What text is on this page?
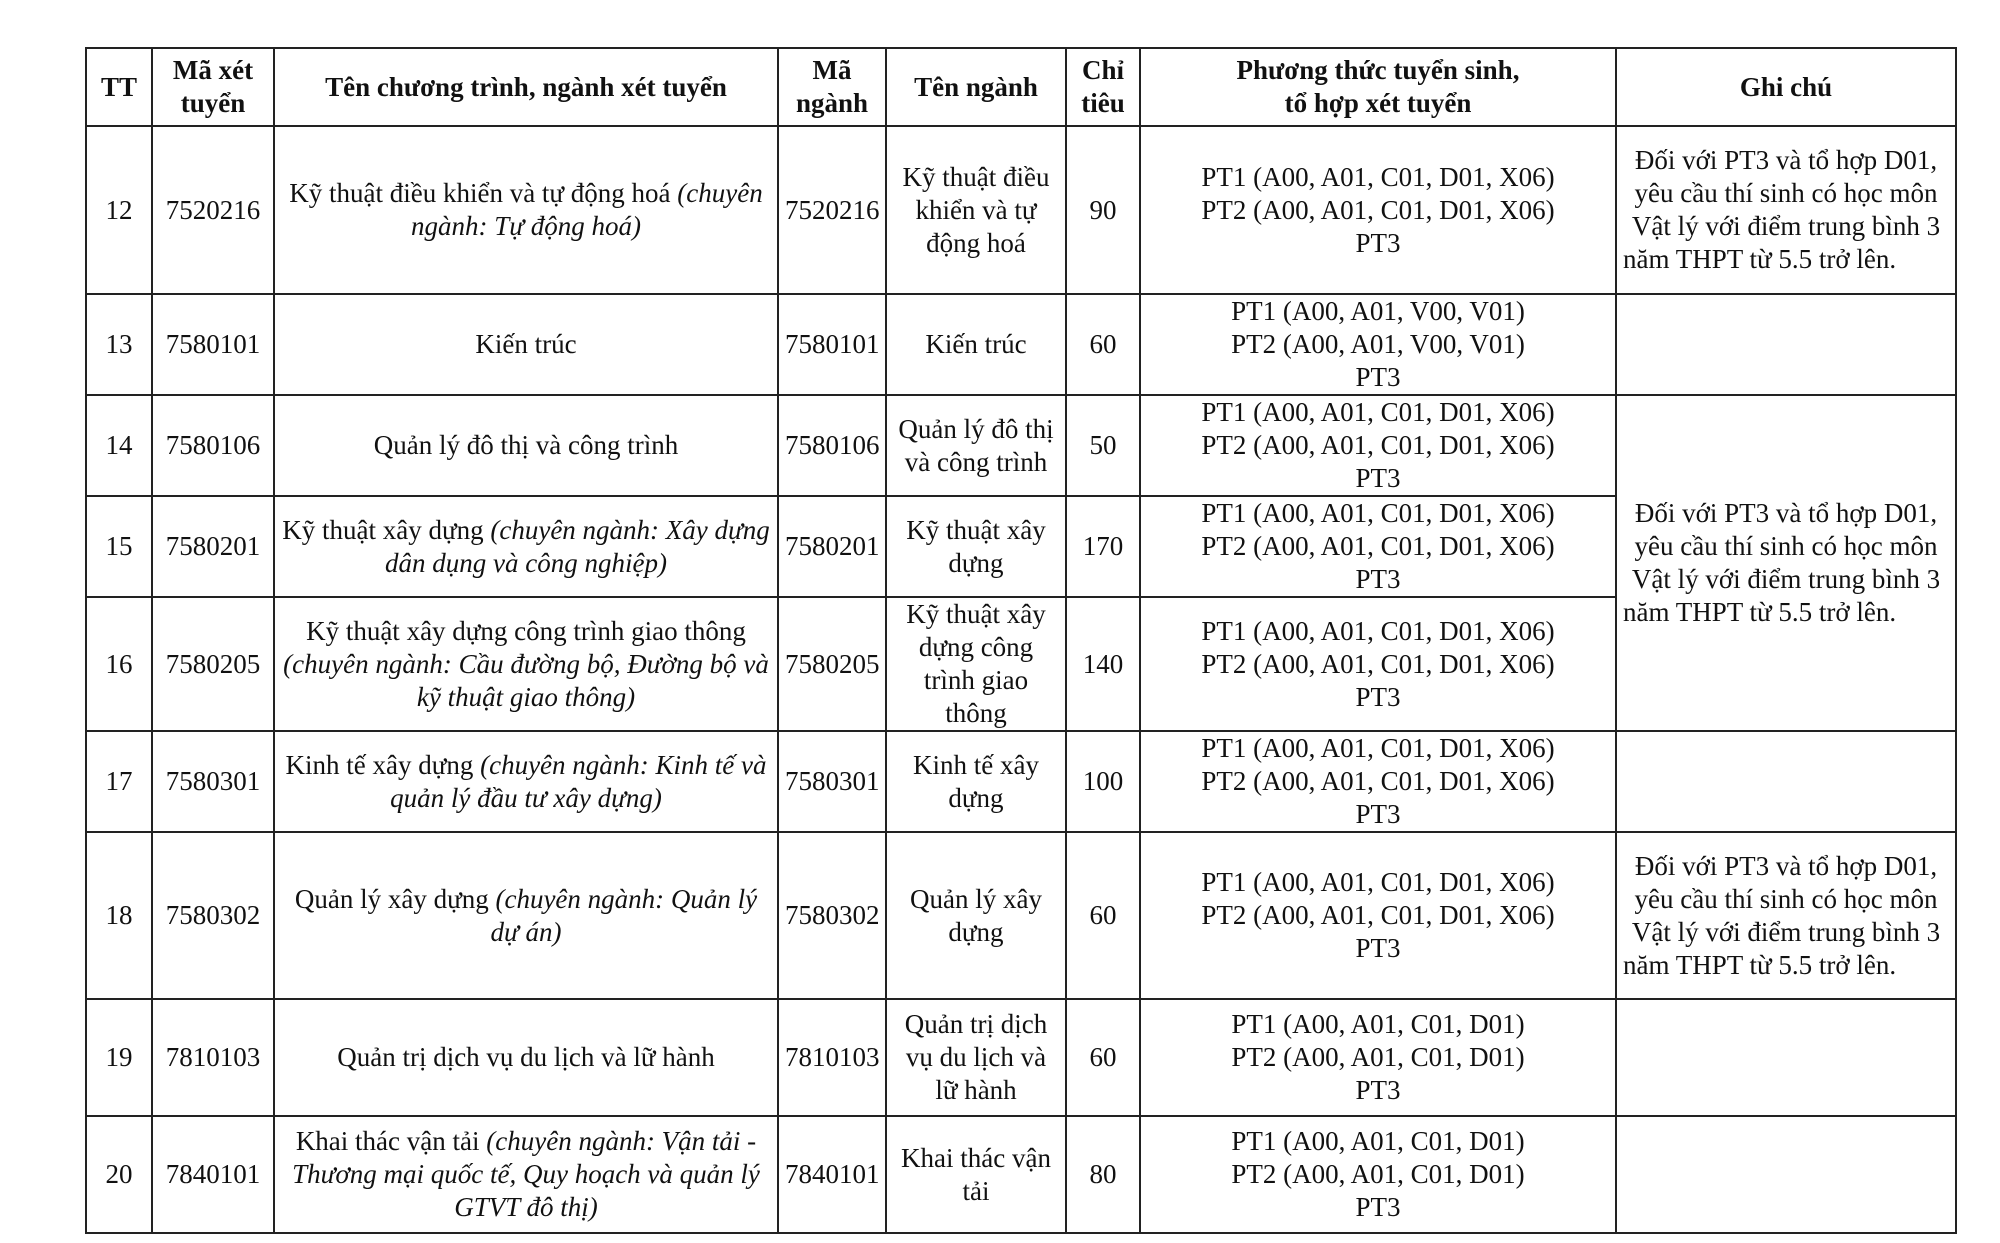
TT	Mã xét tuyển	Tên chương trình, ngành xét tuyển	Mã ngành	Tên ngành	Chỉ tiêu	Phương thức tuyển sinh,
tổ hợp xét tuyển	Ghi chú
12	7520216	Kỹ thuật điều khiển và tự động hoá (chuyên ngành: Tự động hoá)	7520216	Kỹ thuật điều khiển và tự động hoá	90	PT1 (A00, A01, C01, D01, X06)
PT2 (A00, A01, C01, D01, X06)
PT3	Đối với PT3 và tổ hợp D01, yêu cầu thí sinh có học môn Vật lý với điểm trung bình 3 năm THPT từ 5.5 trở lên.
13	7580101	Kiến trúc	7580101	Kiến trúc	60	PT1 (A00, A01, V00, V01)
PT2 (A00, A01, V00, V01)
PT3	

14	7580106	Quản lý đô thị và công trình	7580106	Quản lý đô thị và công trình	50	PT1 (A00, A01, C01, D01, X06)
PT2 (A00, A01, C01, D01, X06)
PT3	Đối với PT3 và tổ hợp D01, yêu cầu thí sinh có học môn Vật lý với điểm trung bình 3 năm THPT từ 5.5 trở lên.
15	7580201	Kỹ thuật xây dựng (chuyên ngành: Xây dựng dân dụng và công nghiệp)	7580201	Kỹ thuật xây dựng	170	PT1 (A00, A01, C01, D01, X06)
PT2 (A00, A01, C01, D01, X06)
PT3	

16	7580205	Kỹ thuật xây dựng công trình giao thông (chuyên ngành: Cầu đường bộ, Đường bộ và kỹ thuật giao thông)	7580205	Kỹ thuật xây dựng công trình giao thông	140	PT1 (A00, A01, C01, D01, X06)
PT2 (A00, A01, C01, D01, X06)
PT3	

17	7580301	Kinh tế xây dựng (chuyên ngành: Kinh tế và quản lý đầu tư xây dựng)	7580301	Kinh tế xây dựng	100	PT1 (A00, A01, C01, D01, X06)
PT2 (A00, A01, C01, D01, X06)
PT3	

18	7580302	Quản lý xây dựng (chuyên ngành: Quản lý dự án)	7580302	Quản lý xây dựng	60	PT1 (A00, A01, C01, D01, X06)
PT2 (A00, A01, C01, D01, X06)
PT3	Đối với PT3 và tổ hợp D01, yêu cầu thí sinh có học môn Vật lý với điểm trung bình 3 năm THPT từ 5.5 trở lên.
19	7810103	Quản trị dịch vụ du lịch và lữ hành	7810103	Quản trị dịch vụ du lịch và lữ hành	60	PT1 (A00, A01, C01, D01)
PT2 (A00, A01, C01, D01)
PT3	

20	7840101	Khai thác vận tải (chuyên ngành: Vận tải - Thương mại quốc tế, Quy hoạch và quản lý GTVT đô thị)	7840101	Khai thác vận tải	80	PT1 (A00, A01, C01, D01)
PT2 (A00, A01, C01, D01)
PT3	
